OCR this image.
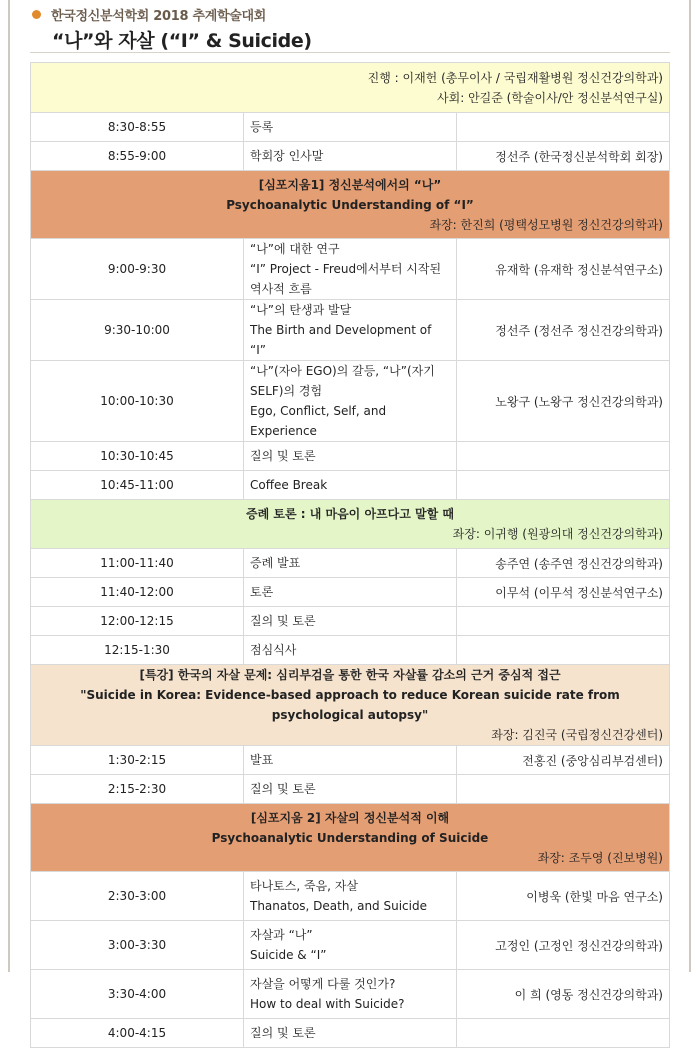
한국정신분석학회 2018 추계학술대회
“나”와 자살 (“I” & Suicide)
진행 : 이재헌 (총무이사 / 국립재활병원 정신건강의학과)
사회: 안길준 (학술이사/안 정신분석연구실)		

8:30-8:55	등록	

8:55-9:00	학회장 인사말	정선주 (한국정신분석학회 회장)

[심포지움1] 정신분석에서의 “나”
Psychoanalytic Understanding of “I”
좌장: 한진희 (평택성모병원 정신건강의학과)		

9:00-9:30	“나”에 대한 연구
“I” Project - Freud에서부터 시작된 역사적 흐름	유재학 (유재학 정신분석연구소)
9:30-10:00	“나”의 탄생과 발달
The Birth and Development of “I”	정선주 (정선주 정신건강의학과)
10:00-10:30	“나”(자아 EGO)의 갈등, “나”(자기 SELF)의 경험
Ego, Conflict, Self, and Experience	노왕구 (노왕구 정신건강의학과)
10:30-10:45	질의 및 토론	

10:45-11:00	Coffee Break	

증례 토론 : 내 마음이 아프다고 말할 때
좌장: 이귀행 (원광의대 정신건강의학과)		

11:00-11:40	증례 발표	송주연 (송주연 정신건강의학과)
11:40-12:00	토론	이무석 (이무석 정신분석연구소)
12:00-12:15	질의 및 토론	

12:15-1:30	점심식사	

[특강] 한국의 자살 문제: 심리부검을 통한 한국 자살률 감소의 근거 중심적 접근
"Suicide in Korea: Evidence-based approach to reduce Korean suicide rate from psychological autopsy"
좌장: 김진국 (국립정신건강센터)		

1:30-2:15	발표	전홍진 (중앙심리부검센터)
2:15-2:30	질의 및 토론	

[심포지움 2] 자살의 정신분석적 이해
Psychoanalytic Understanding of Suicide
좌장: 조두영 (진보병원)		

2:30-3:00	타나토스, 죽음, 자살
Thanatos, Death, and Suicide	이병욱 (한빛 마음 연구소)
3:00-3:30	자살과 “나”
Suicide & “I”	고정인 (고정인 정신건강의학과)
3:30-4:00	자살을 어떻게 다룰 것인가?
How to deal with Suicide?	이 희 (영동 정신건강의학과)
4:00-4:15	질의 및 토론	
